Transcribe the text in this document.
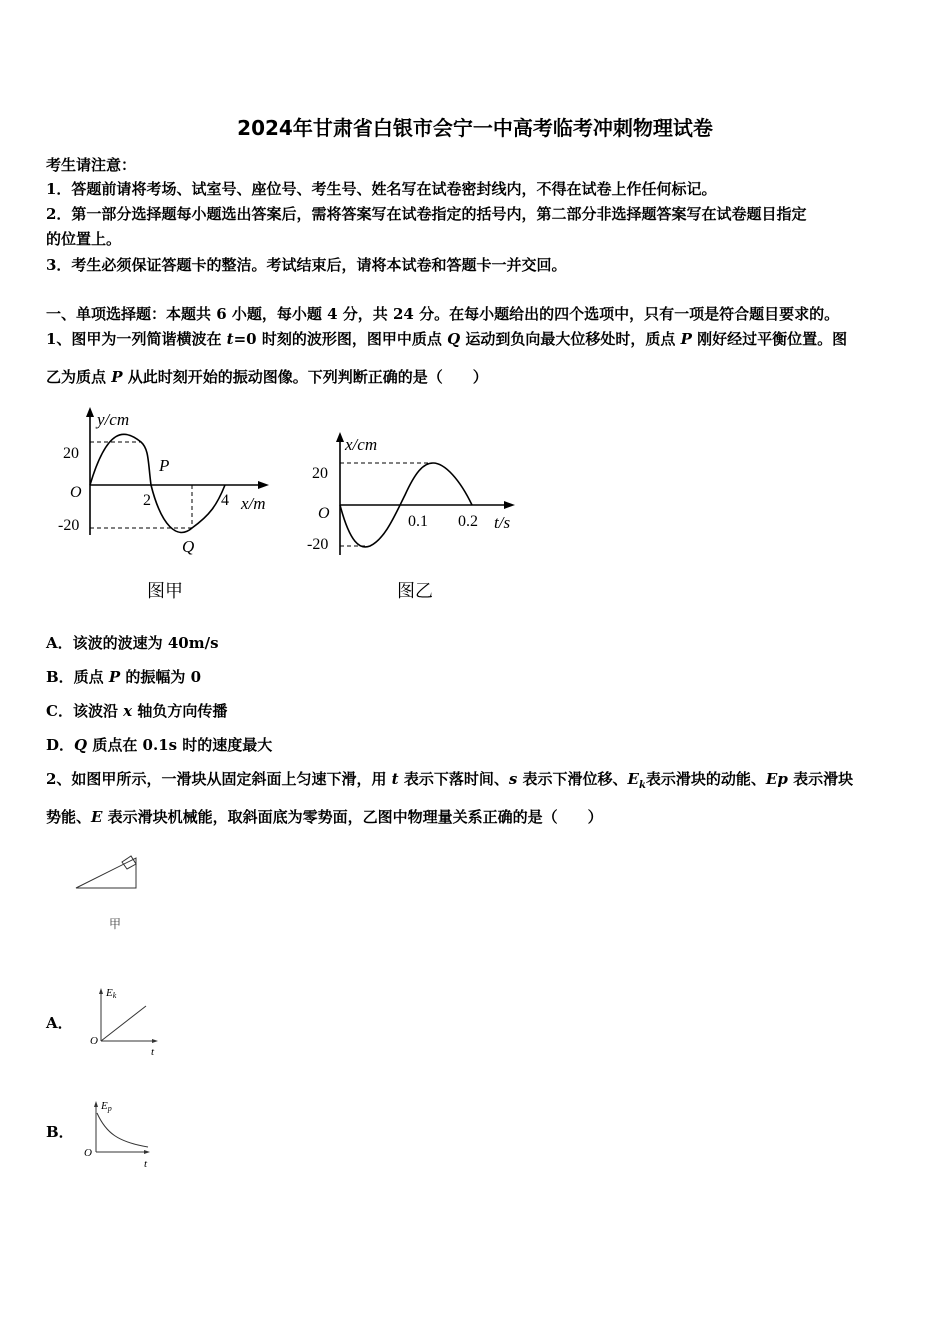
2024年甘肃省白银市会宁一中高考临考冲刺物理试卷
考生请注意：
1．答题前请将考场、试室号、座位号、考生号、姓名写在试卷密封线内，不得在试卷上作任何标记。
2．第一部分选择题每小题选出答案后，需将答案写在试卷指定的括号内，第二部分非选择题答案写在试卷题目指定
的位置上。
3．考生必须保证答题卡的整洁。考试结束后，请将本试卷和答题卡一并交回。
一、单项选择题：本题共 6 小题，每小题 4 分，共 24 分。在每小题给出的四个选项中，只有一项是符合题目要求的。
1、图甲为一列简谐横波在 t=0 时刻的波形图，图甲中质点 Q 运动到负向最大位移处时，质点 P 刚好经过平衡位置。图
乙为质点 P 从此时刻开始的振动图像。下列判断正确的是（　　）
y/cm
20
-20
O	2	4 x/m
P
Q
图甲
x/cm
20
-20
O	0.1 0.2 t/s
图乙
A．该波的波速为 40m/s
B．质点 P 的振幅为 0
C．该波沿 x 轴负方向传播
D．Q 质点在 0.1s 时的速度最大
2、如图甲所示，一滑块从固定斜面上匀速下滑，用 t 表示下落时间、s 表示下滑位移、$E_k$表示滑块的动能、Ep 表示滑块
势能、E 表示滑块机械能，取斜面底为零势面，乙图中物理量关系正确的是（　　）
甲
A．
Ek
O
t
B．
Ep
O
t
